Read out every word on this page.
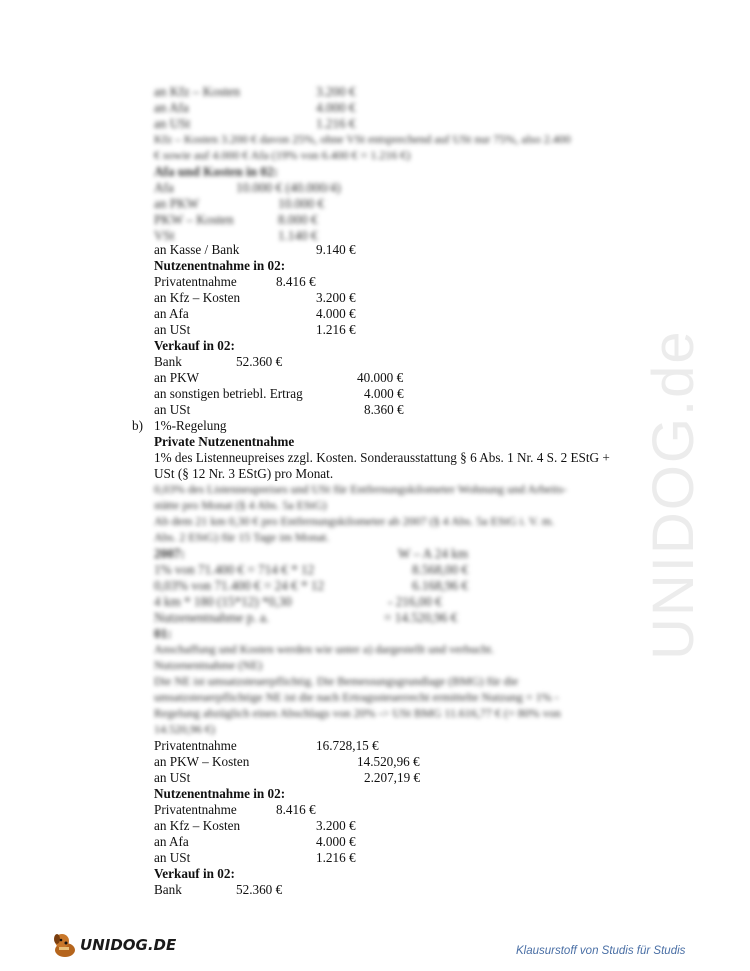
UNIDOG.de
an Kfz – Kosten	3.200 €
an Afa	4.000 €
an USt	1.216 €
Kfz – Kosten 3.200 € davon 25%, ohne VSt entsprechend auf USt nur 75%, also 2.400
€ sowie auf 4.000 € Afa (19% von 6.400 € = 1.216 €)
Afa und Kosten in 02:
Afa	10.000 € (40.000/4)
an PKW	10.000 €
PKW – Kosten	8.000 €
VSt	1.140 €
an Kasse / Bank	9.140 €
Nutzenentnahme in 02:
Privatentnahme	8.416 €
an Kfz – Kosten	3.200 €
an Afa	4.000 €
an USt	1.216 €
Verkauf in 02:
Bank	52.360 €
an PKW	40.000 €
an sonstigen betriebl. Ertrag	4.000 €
an USt	8.360 €
b) 1%-Regelung
Private Nutzenentnahme
1% des Listenneupreises zzgl. Kosten. Sonderausstattung § 6 Abs. 1 Nr. 4 S. 2 EStG +
USt (§ 12 Nr. 3 EStG) pro Monat.
0,03% des Listenneupreises und USt für Entfernungskilometer Wohnung und Arbeits-
stätte pro Monat (§ 4 Abs. 5a EStG)
Ab dem 21 km 0,30 € pro Entfernungskilometer ab 2007 (§ 4 Abs. 5a EStG i. V. m.
Abs. 2 EStG) für 15 Tage im Monat.
2007:	W – A 24 km
1% von 71.400 € = 714 € * 12	8.568,00 €
0,03% von 71.400 € = 24 € * 12	6.168,96 €
4 km * 180 (15*12) *0,30	- 216,00 €
Nutzenentnahme p. a.	= 14.520,96 €
01:
Anschaffung und Kosten werden wie unter a) dargestellt und verbucht.
Nutzenentnahme (NE)
Die NE ist umsatzsteuerpflichtig. Die Bemessungsgrundlage (BMG) für die
umsatzsteuerpflichtige NE ist die nach Ertragssteuerrecht ermittelte Nutzung = 1% -
Regelung abzüglich eines Abschlags von 20% -> USt BMG 11.616,77 € (= 80% von
14.520,96 €)
Privatentnahme	16.728,15 €
an PKW – Kosten	14.520,96 €
an USt	2.207,19 €
Nutzenentnahme in 02:
Privatentnahme	8.416 €
an Kfz – Kosten	3.200 €
an Afa	4.000 €
an USt	1.216 €
Verkauf in 02:
Bank	52.360 €
UNIDOG.DE	Klausurstoff von Studis für Studis
